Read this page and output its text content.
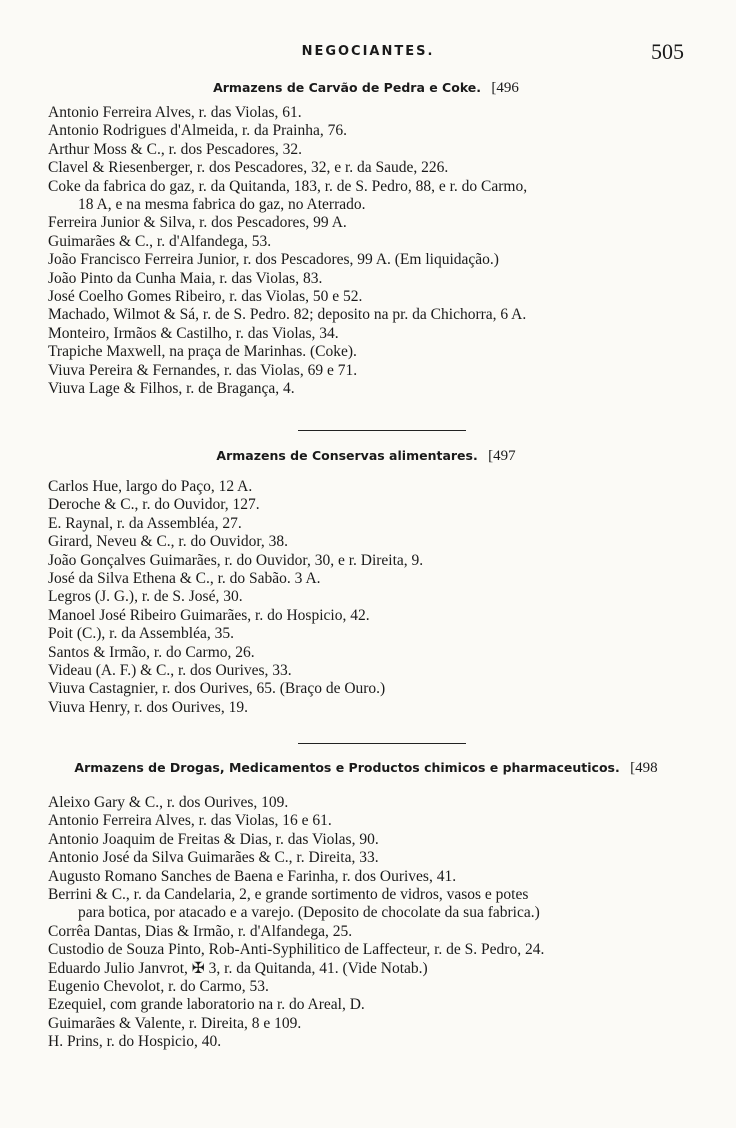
NEGOCIANTES.	505
Armazens de Carvão de Pedra e Coke. [496
Antonio Ferreira Alves, r. das Violas, 61.
Antonio Rodrigues d'Almeida, r. da Prainha, 76.
Arthur Moss & C., r. dos Pescadores, 32.
Clavel & Riesenberger, r. dos Pescadores, 32, e r. da Saude, 226.
Coke da fabrica do gaz, r. da Quitanda, 183, r. de S. Pedro, 88, e r. do Carmo,
18 A, e na mesma fabrica do gaz, no Aterrado.
Ferreira Junior & Silva, r. dos Pescadores, 99 A.
Guimarães & C., r. d'Alfandega, 53.
João Francisco Ferreira Junior, r. dos Pescadores, 99 A. (Em liquidação.)
João Pinto da Cunha Maia, r. das Violas, 83.
José Coelho Gomes Ribeiro, r. das Violas, 50 e 52.
Machado, Wilmot & Sá, r. de S. Pedro. 82; deposito na pr. da Chichorra, 6 A.
Monteiro, Irmãos & Castilho, r. das Violas, 34.
Trapiche Maxwell, na praça de Marinhas. (Coke).
Viuva Pereira & Fernandes, r. das Violas, 69 e 71.
Viuva Lage & Filhos, r. de Bragança, 4.
Armazens de Conservas alimentares. [497
Carlos Hue, largo do Paço, 12 A.
Deroche & C., r. do Ouvidor, 127.
E. Raynal, r. da Assembléa, 27.
Girard, Neveu & C., r. do Ouvidor, 38.
João Gonçalves Guimarães, r. do Ouvidor, 30, e r. Direita, 9.
José da Silva Ethena & C., r. do Sabão. 3 A.
Legros (J. G.), r. de S. José, 30.
Manoel José Ribeiro Guimarães, r. do Hospicio, 42.
Poit (C.), r. da Assembléa, 35.
Santos & Irmão, r. do Carmo, 26.
Videau (A. F.) & C., r. dos Ourives, 33.
Viuva Castagnier, r. dos Ourives, 65. (Braço de Ouro.)
Viuva Henry, r. dos Ourives, 19.
Armazens de Drogas, Medicamentos e Productos chimicos e pharmaceuticos. [498
Aleixo Gary & C., r. dos Ourives, 109.
Antonio Ferreira Alves, r. das Violas, 16 e 61.
Antonio Joaquim de Freitas & Dias, r. das Violas, 90.
Antonio José da Silva Guimarães & C., r. Direita, 33.
Augusto Romano Sanches de Baena e Farinha, r. dos Ourives, 41.
Berrini & C., r. da Candelaria, 2, e grande sortimento de vidros, vasos e potes
para botica, por atacado e a varejo. (Deposito de chocolate da sua fabrica.)
Corrêa Dantas, Dias & Irmão, r. d'Alfandega, 25.
Custodio de Souza Pinto, Rob-Anti-Syphilitico de Laffecteur, r. de S. Pedro, 24.
Eduardo Julio Janvrot, ✠ 3, r. da Quitanda, 41. (Vide Notab.)
Eugenio Chevolot, r. do Carmo, 53.
Ezequiel, com grande laboratorio na r. do Areal, D.
Guimarães & Valente, r. Direita, 8 e 109.
H. Prins, r. do Hospicio, 40.
